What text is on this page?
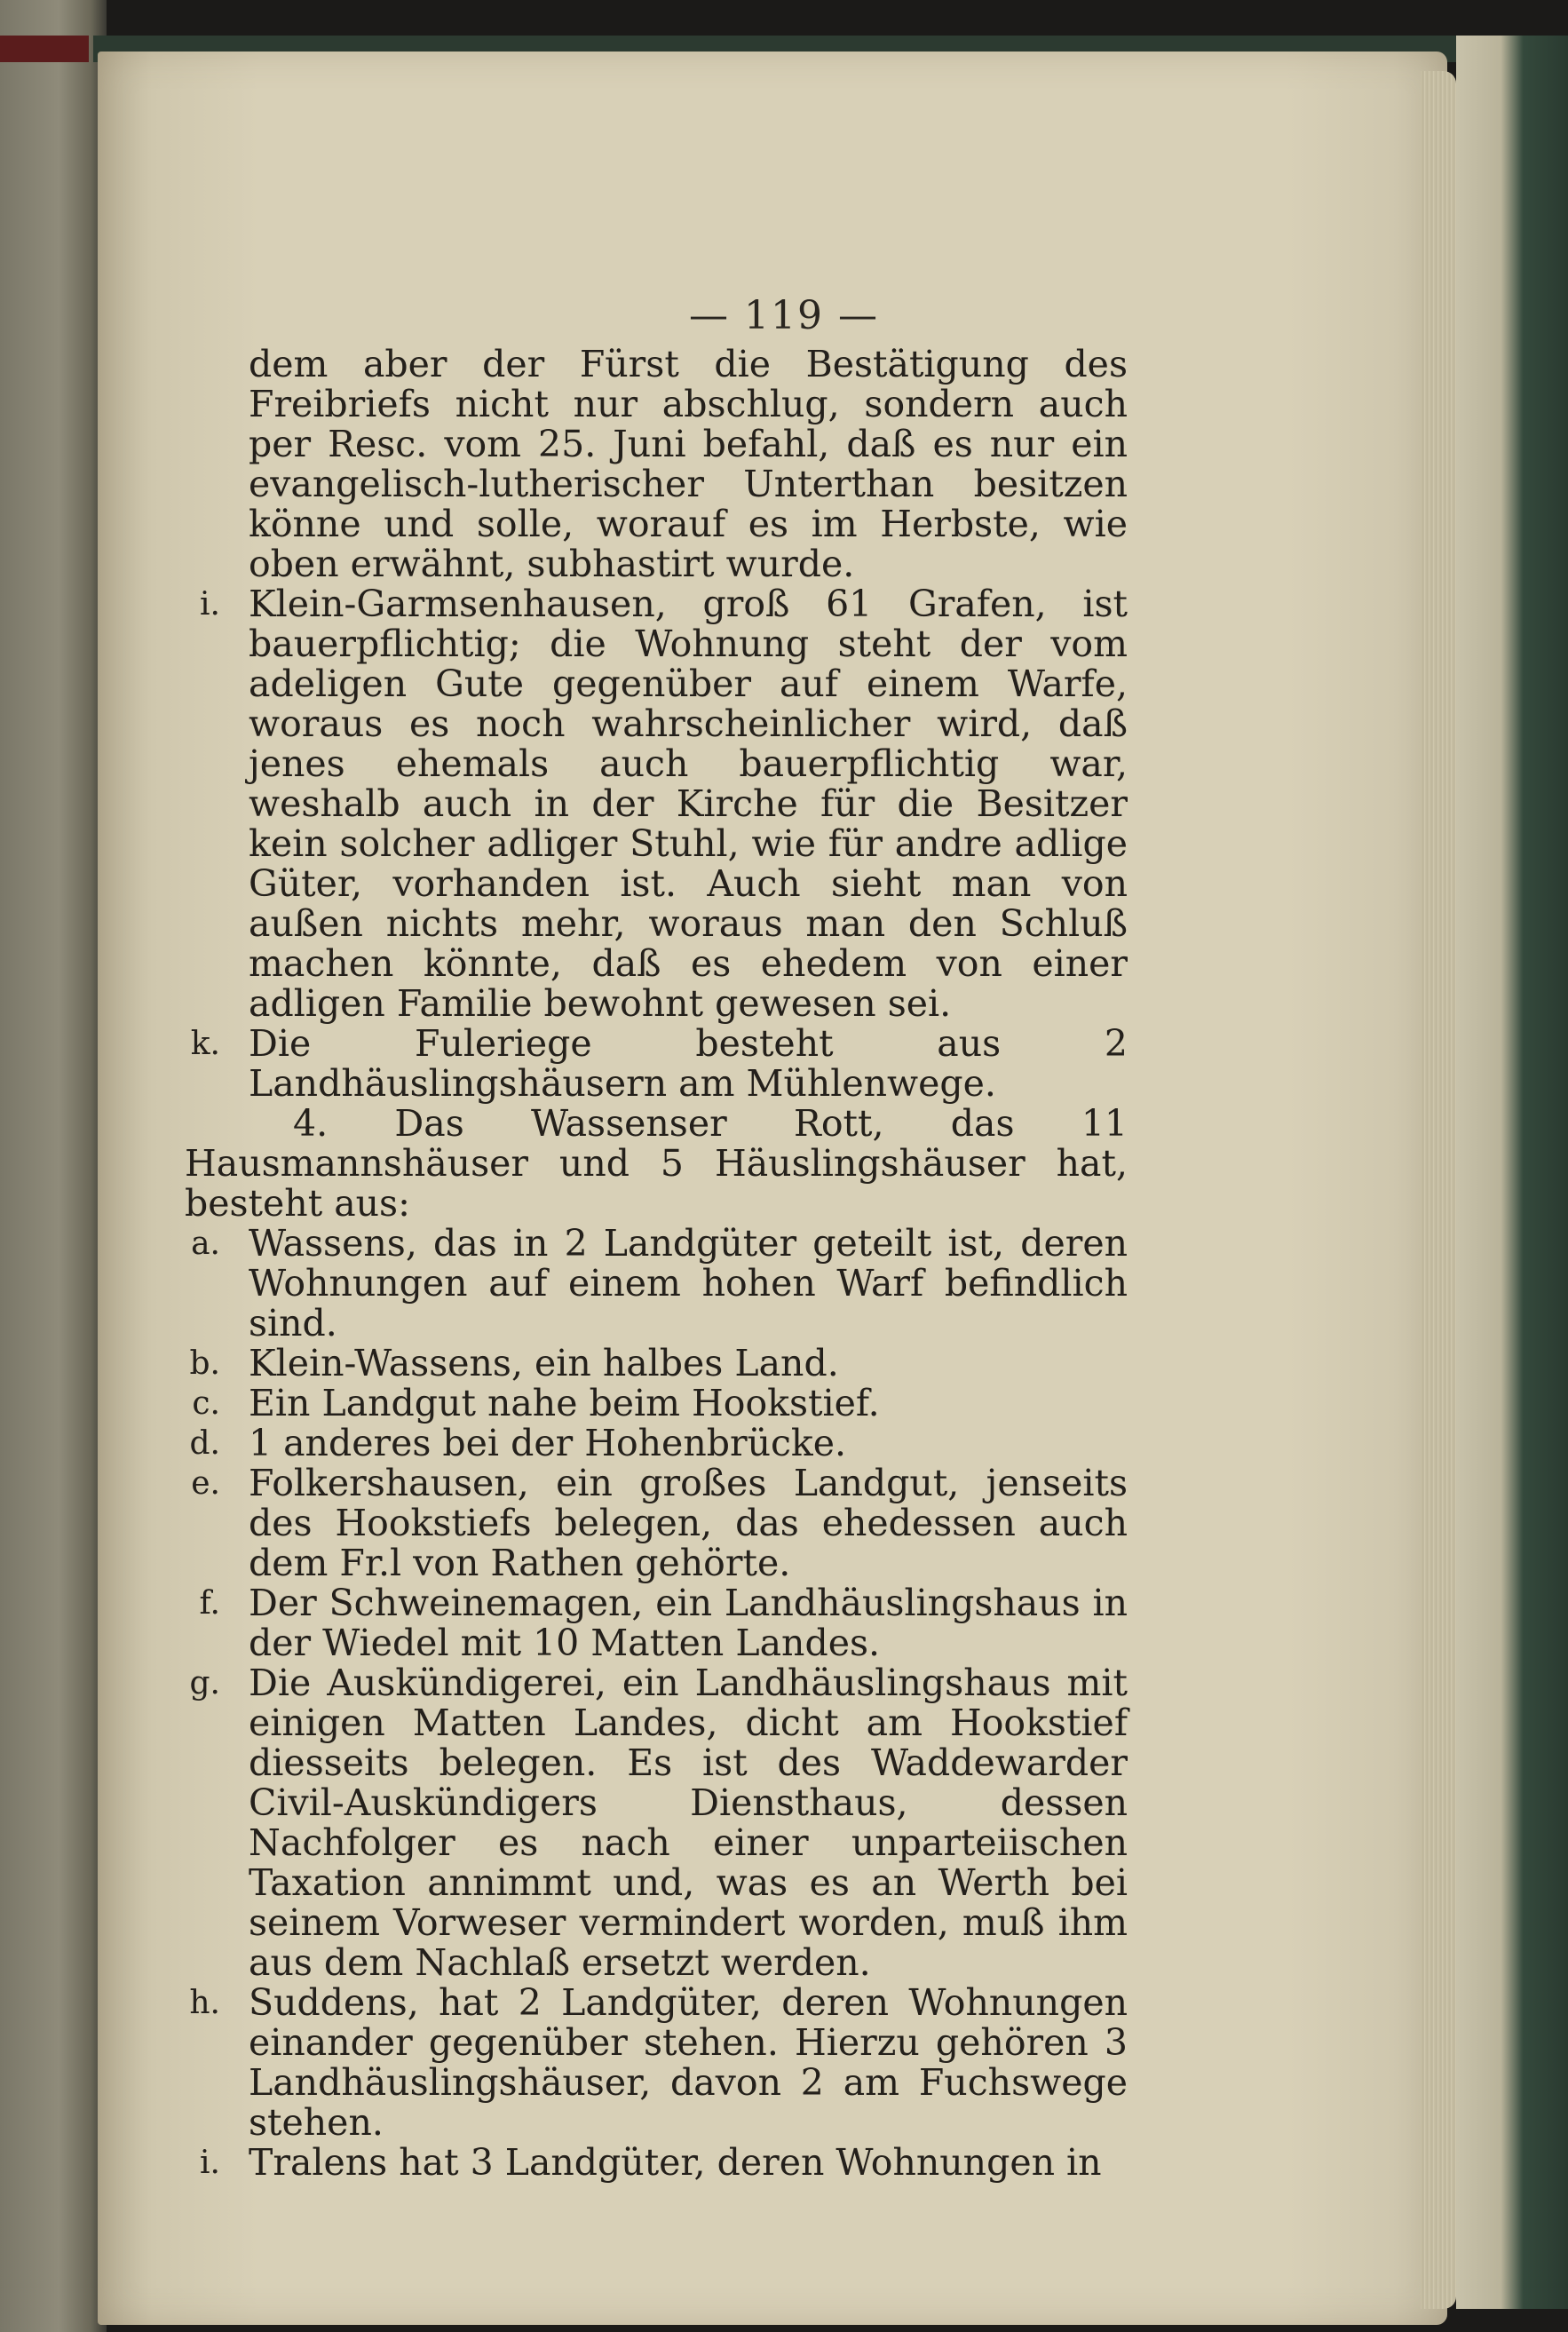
— 119 —
dem aber der Fürst die Bestätigung des Freibriefs nicht nur abschlug, sondern auch per Resc. vom 25. Juni befahl, daß es nur ein evangelisch-lutherischer Unterthan besitzen könne und solle, worauf es im Herbste, wie oben erwähnt, subhastirt wurde.
i. Klein-Garmsenhausen, groß 61 Grafen, ist bauerpflichtig; die Wohnung steht der vom adeligen Gute gegenüber auf einem Warfe, woraus es noch wahrscheinlicher wird, daß jenes ehemals auch bauerpflichtig war, weshalb auch in der Kirche für die Besitzer kein solcher adliger Stuhl, wie für andre adlige Güter, vorhanden ist. Auch sieht man von außen nichts mehr, woraus man den Schluß machen könnte, daß es ehedem von einer adligen Familie bewohnt gewesen sei.
k. Die Fuleriege besteht aus 2 Landhäuslingshäusern am Mühlenwege.
4. Das Wassenser Rott, das 11 Hausmannshäuser und 5 Häuslingshäuser hat, besteht aus:
a. Wassens, das in 2 Landgüter geteilt ist, deren Wohnungen auf einem hohen Warf befindlich sind.
b. Klein-Wassens, ein halbes Land.
c. Ein Landgut nahe beim Hookstief.
d. 1 anderes bei der Hohenbrücke.
e. Folkershausen, ein großes Landgut, jenseits des Hookstiefs belegen, das ehedessen auch dem Fr.l von Rathen gehörte.
f. Der Schweinemagen, ein Landhäuslingshaus in der Wiedel mit 10 Matten Landes.
g. Die Auskündigerei, ein Landhäuslingshaus mit einigen Matten Landes, dicht am Hookstief diesseits belegen. Es ist des Waddewarder Civil-Auskündigers Diensthaus, dessen Nachfolger es nach einer unparteiischen Taxation annimmt und, was es an Werth bei seinem Vorweser vermindert worden, muß ihm aus dem Nachlaß ersetzt werden.
h. Suddens, hat 2 Landgüter, deren Wohnungen einander gegenüber stehen. Hierzu gehören 3 Landhäuslingshäuser, davon 2 am Fuchswege stehen.
i. Tralens hat 3 Landgüter, deren Wohnungen in
